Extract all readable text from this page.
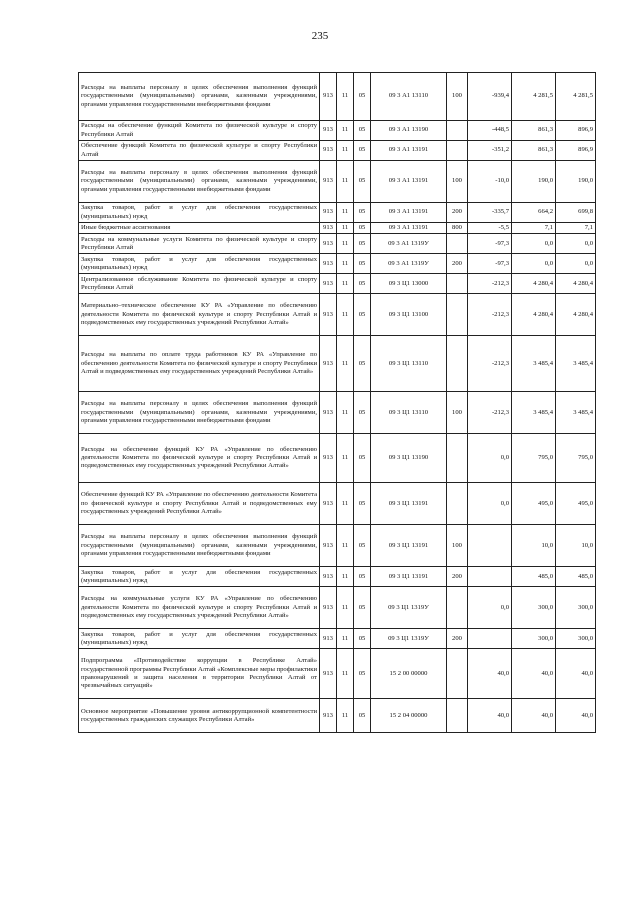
235
Расходы на выплаты персоналу в целях обеспечения выполнения функций государственными (муниципальными) органами, казенными учреждениями, органами управления государственными внебюджетными фондами	913	11	05	09 3 А1 13110	100	-939,4	4 281,5	4 281,5
Расходы на обеспечение функций Комитета по физической культуре и спорту Республики Алтай	913	11	05	09 3 А1 13190		-448,5	861,3	896,9
Обеспечение функций Комитета по физической культуре и спорту Республики Алтай	913	11	05	09 3 А1 13191		-351,2	861,3	896,9
Расходы на выплаты персоналу в целях обеспечения выполнения функций государственными (муниципальными) органами, казенными учреждениями, органами управления государственными внебюджетными фондами	913	11	05	09 3 А1 13191	100	-10,0	190,0	190,0
Закупка товаров, работ и услуг для обеспечения государственных (муниципальных) нужд	913	11	05	09 3 А1 13191	200	-335,7	664,2	699,8
Иные бюджетные ассигнования	913	11	05	09 3 А1 13191	800	-5,5	7,1	7,1
Расходы на коммунальные услуги Комитета по физической культуре и спорту Республики Алтай	913	11	05	09 3 А1 1319У		-97,3	0,0	0,0
Закупка товаров, работ и услуг для обеспечения государственных (муниципальных) нужд	913	11	05	09 3 А1 1319У	200	-97,3	0,0	0,0
Централизованное обслуживание Комитета по физической культуре и спорту Республики Алтай	913	11	05	09 3 Ц1 13000		-212,3	4 280,4	4 280,4
Материально–техническое обеспечение КУ РА «Управление по обеспечению деятельности Комитета по физической культуре и спорту Республики Алтай и подведомственных ему государственных учреждений Республики Алтай»	913	11	05	09 3 Ц1 13100		-212,3	4 280,4	4 280,4
Расходы на выплаты по оплате труда работников КУ РА «Управление по обеспечению деятельности Комитета по физической культуре и спорту Республики Алтай и подведомственных ему государственных учреждений Республики Алтай»	913	11	05	09 3 Ц1 13110		-212,3	3 485,4	3 485,4
Расходы на выплаты персоналу в целях обеспечения выполнения функций государственными (муниципальными) органами, казенными учреждениями, органами управления государственными внебюджетными фондами	913	11	05	09 3 Ц1 13110	100	-212,3	3 485,4	3 485,4
Расходы на обеспечение функций КУ РА «Управление по обеспечению деятельности Комитета по физической культуре и спорту Республики Алтай и подведомственных ему государственных учреждений Республики Алтай»	913	11	05	09 3 Ц1 13190		0,0	795,0	795,0
Обеспечение функций КУ РА «Управление по обеспечению деятельности Комитета по физической культуре и спорту Республики Алтай и подведомственных ему государственных учреждений Республики Алтай»	913	11	05	09 3 Ц1 13191		0,0	495,0	495,0
Расходы на выплаты персоналу в целях обеспечения выполнения функций государственными (муниципальными) органами, казенными учреждениями, органами управления государственными внебюджетными фондами	913	11	05	09 3 Ц1 13191	100		10,0	10,0
Закупка товаров, работ и услуг для обеспечения государственных (муниципальных) нужд	913	11	05	09 3 Ц1 13191	200		485,0	485,0
Расходы на коммунальные услуги КУ РА «Управление по обеспечению деятельности Комитета по физической культуре и спорту Республики Алтай и подведомственных ему государственных учреждений Республики Алтай»	913	11	05	09 3 Ц1 1319У		0,0	300,0	300,0
Закупка товаров, работ и услуг для обеспечения государственных (муниципальных) нужд	913	11	05	09 3 Ц1 1319У	200		300,0	300,0
Подпрограмма «Противодействие коррупции в Республике Алтай» государственной программы Республики Алтай «Комплексные меры профилактики правонарушений и защита населения в территории Республики Алтай от чрезвычайных ситуаций»	913	11	05	15 2 00 00000		40,0	40,0	40,0
Основное мероприятие «Повышение уровня антикоррупционной компетентности государственных гражданских служащих Республики Алтай»	913	11	05	15 2 04 00000		40,0	40,0	40,0
